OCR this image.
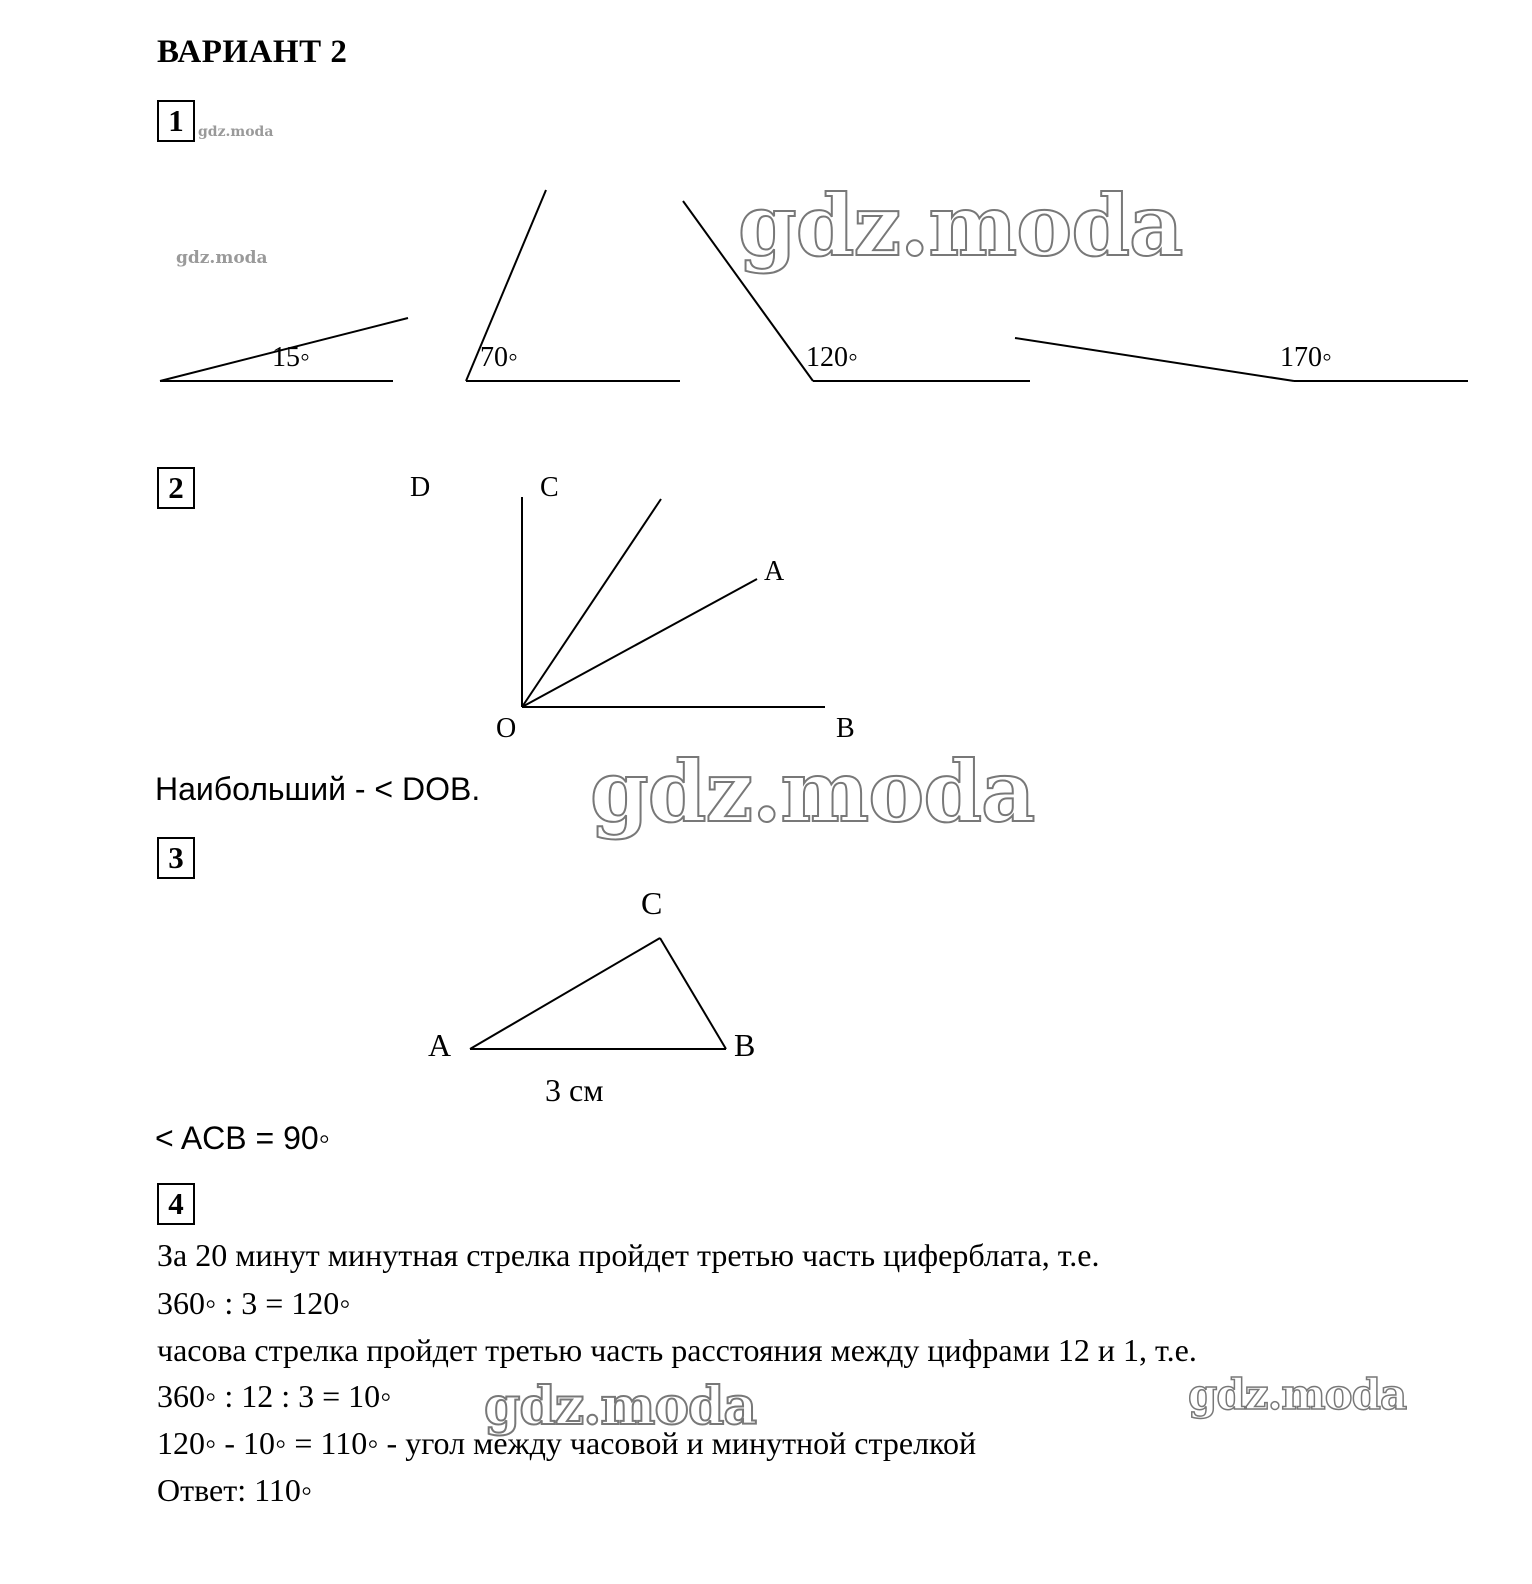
ВАРИАНТ 2
1	gdz.moda
gdz.moda
15◦	70◦	120◦	170◦
gdz.moda
2	D	C
A
O	B
Наибольший - < DOB. gdz.moda
3
C
A	B
3 см
< ACB = 90◦
4
За 20 минут минутная стрелка пройдет третью часть циферблата, т.е.
360◦ : 3 = 120◦
часова стрелка пройдет третью часть расстояния между цифрами 12 и 1, т.е.
360◦ : 12 : 3 = 10◦
120◦ - 10◦ = 110◦ - угол между часовой и минутной стрелкой
Ответ: 110◦
gdz.moda	gdz.moda
